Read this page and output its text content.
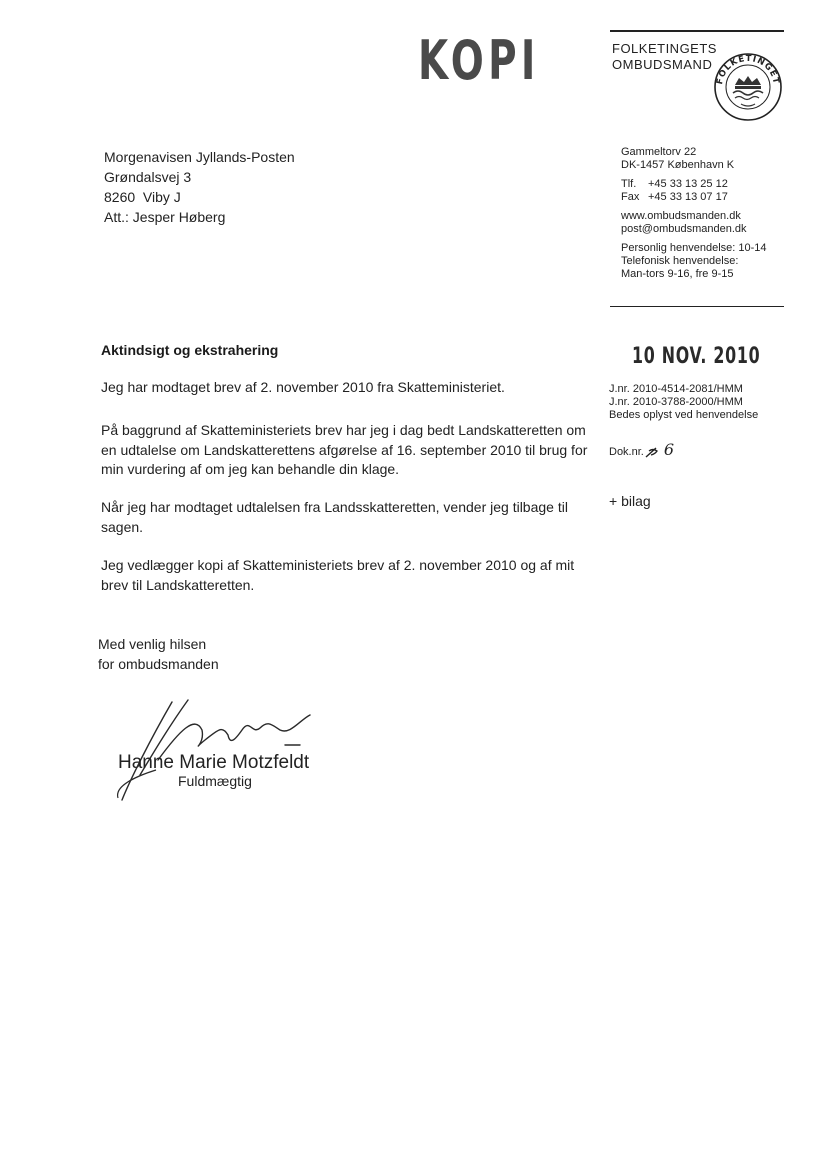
KOPI	FOLKETINGETS
OMBUDSMAND
FOLKETINGET
Morgenavisen Jyllands-Posten
Grøndalsvej 3
8260  Viby J
Att.: Jesper Høberg
Gammeltorv 22
DK-1457 København K
Tlf. +45 33 13 25 12
Fax +45 33 13 07 17
www.ombudsmanden.dk
post@ombudsmanden.dk
Personlig henvendelse: 10-14
Telefonisk henvendelse:
Man-tors 9-16, fre 9-15
10 NOV. 2010
J.nr. 2010-4514-2081/HMM
J.nr. 2010-3788-2000/HMM
Bedes oplyst ved henvendelse
Dok.nr. 6
+ bilag
Aktindsigt og ekstrahering
Jeg har modtaget brev af 2. november 2010 fra Skatteministeriet.
På baggrund af Skatteministeriets brev har jeg i dag bedt Landskatteretten om en udtalelse om Landskatterettens afgørelse af 16. september 2010 til brug for min vurdering af om jeg kan behandle din klage.
Når jeg har modtaget udtalelsen fra Landsskatteretten, vender jeg tilbage til sagen.
Jeg vedlægger kopi af Skatteministeriets brev af 2. november 2010 og af mit brev til Landskatteretten.
Med venlig hilsen
for ombudsmanden
Hanne Marie Motzfeldt
Fuldmægtig
